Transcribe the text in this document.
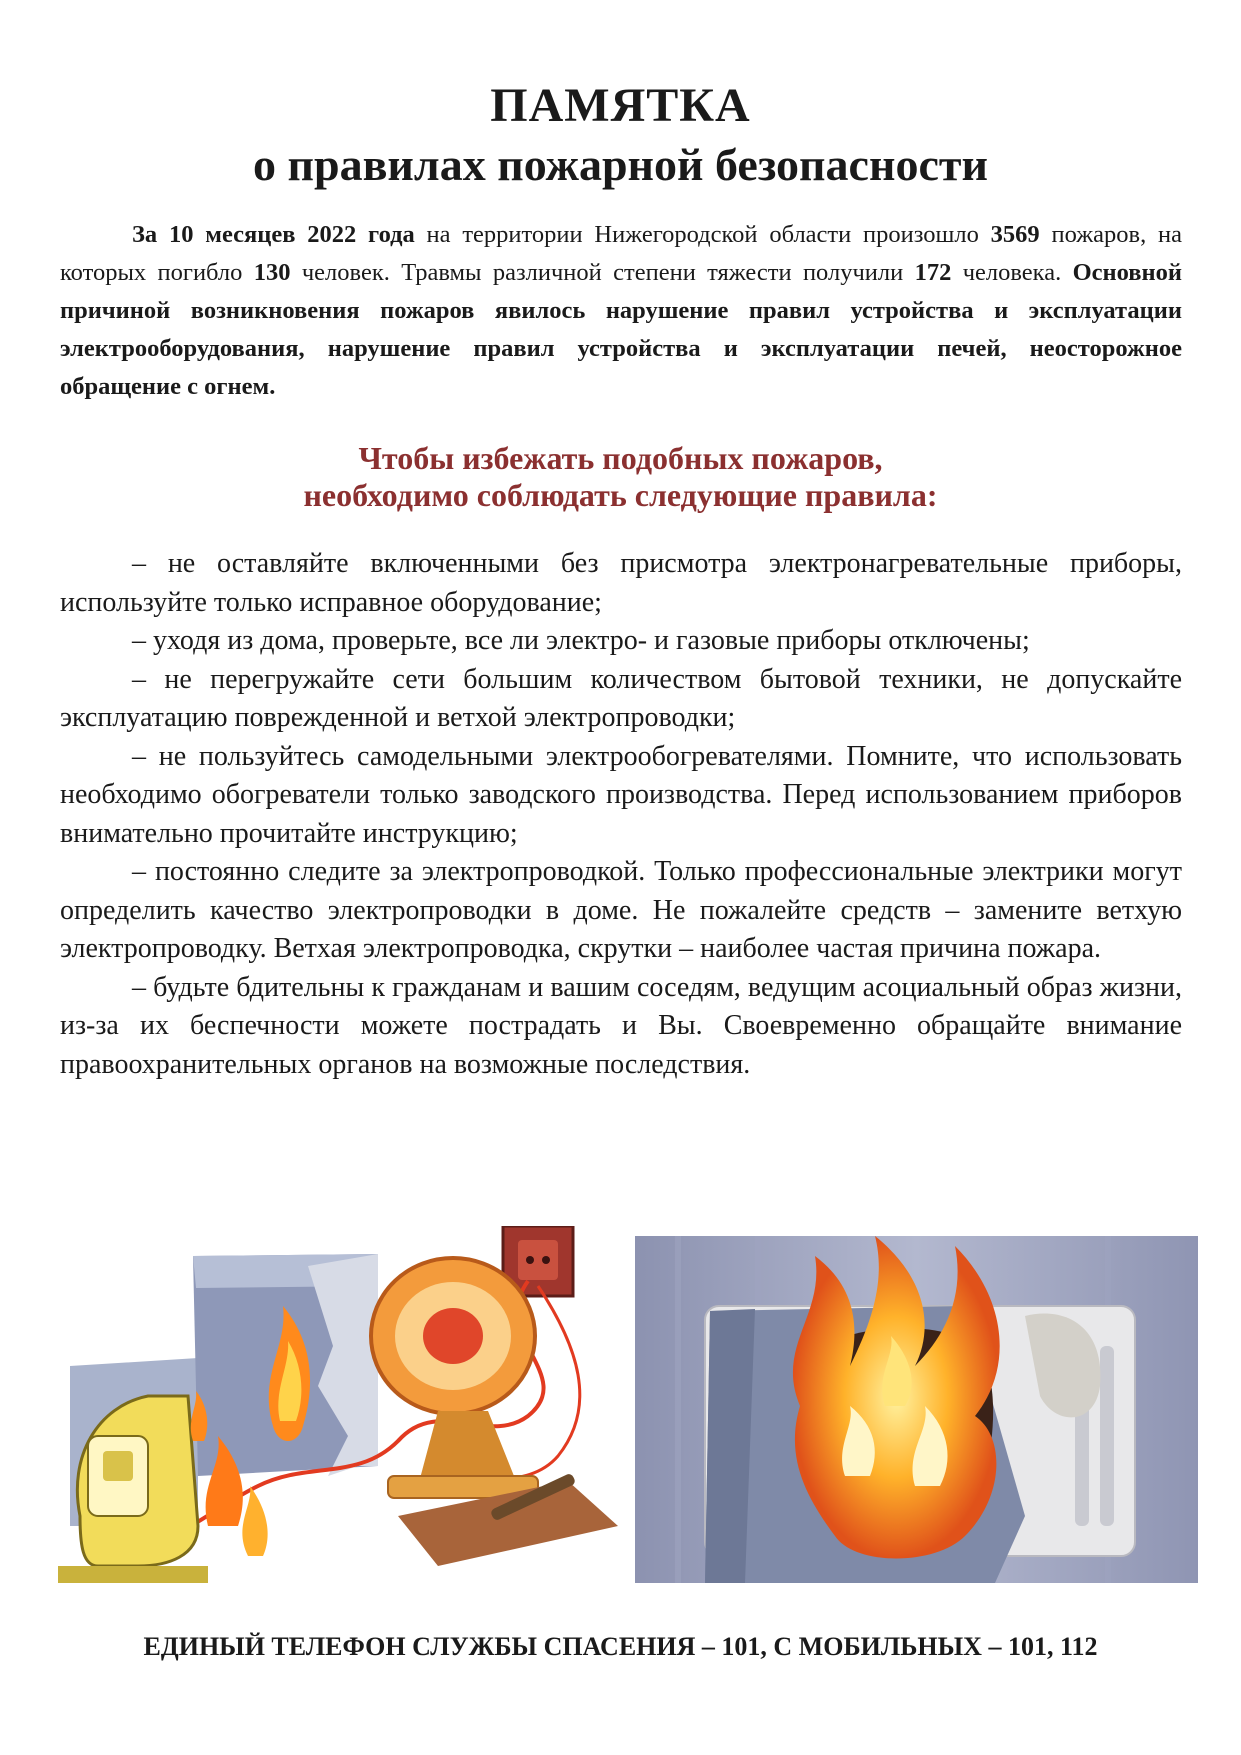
ПАМЯТКА
о правилах пожарной безопасности

За 10 месяцев 2022 года на территории Нижегородской области произошло 3569 пожаров, на которых погибло 130 человек. Травмы различной степени тяжести получили 172 человека. Основной причиной возникновения пожаров явилось нарушение правил устройства и эксплуатации электрооборудования, нарушение правил устройства и эксплуатации печей, неосторожное обращение с огнем.

Чтобы избежать подобных пожаров,
необходимо соблюдать следующие правила:
– не оставляйте включенными без присмотра электронагревательные приборы, используйте только исправное оборудование;
– уходя из дома, проверьте, все ли электро- и газовые приборы отключены;
– не перегружайте сети большим количеством бытовой техники, не допускайте эксплуатацию поврежденной и ветхой электропроводки;
– не пользуйтесь самодельными электрообогревателями. Помните, что использовать необходимо обогреватели только заводского производства. Перед использованием приборов внимательно прочитайте инструкцию;
– постоянно следите за электропроводкой. Только профессиональные электрики могут определить качество электропроводки в доме. Не пожалейте средств – замените ветхую электропроводку. Ветхая электропроводка, скрутки – наиболее частая причина пожара.
– будьте бдительны к гражданам и вашим соседям, ведущим асоциальный образ жизни, из-за их беспечности можете пострадать и Вы. Своевременно обращайте внимание правоохранительных органов на возможные последствия.
ЕДИНЫЙ ТЕЛЕФОН СЛУЖБЫ СПАСЕНИЯ – 101, С МОБИЛЬНЫХ – 101, 112
